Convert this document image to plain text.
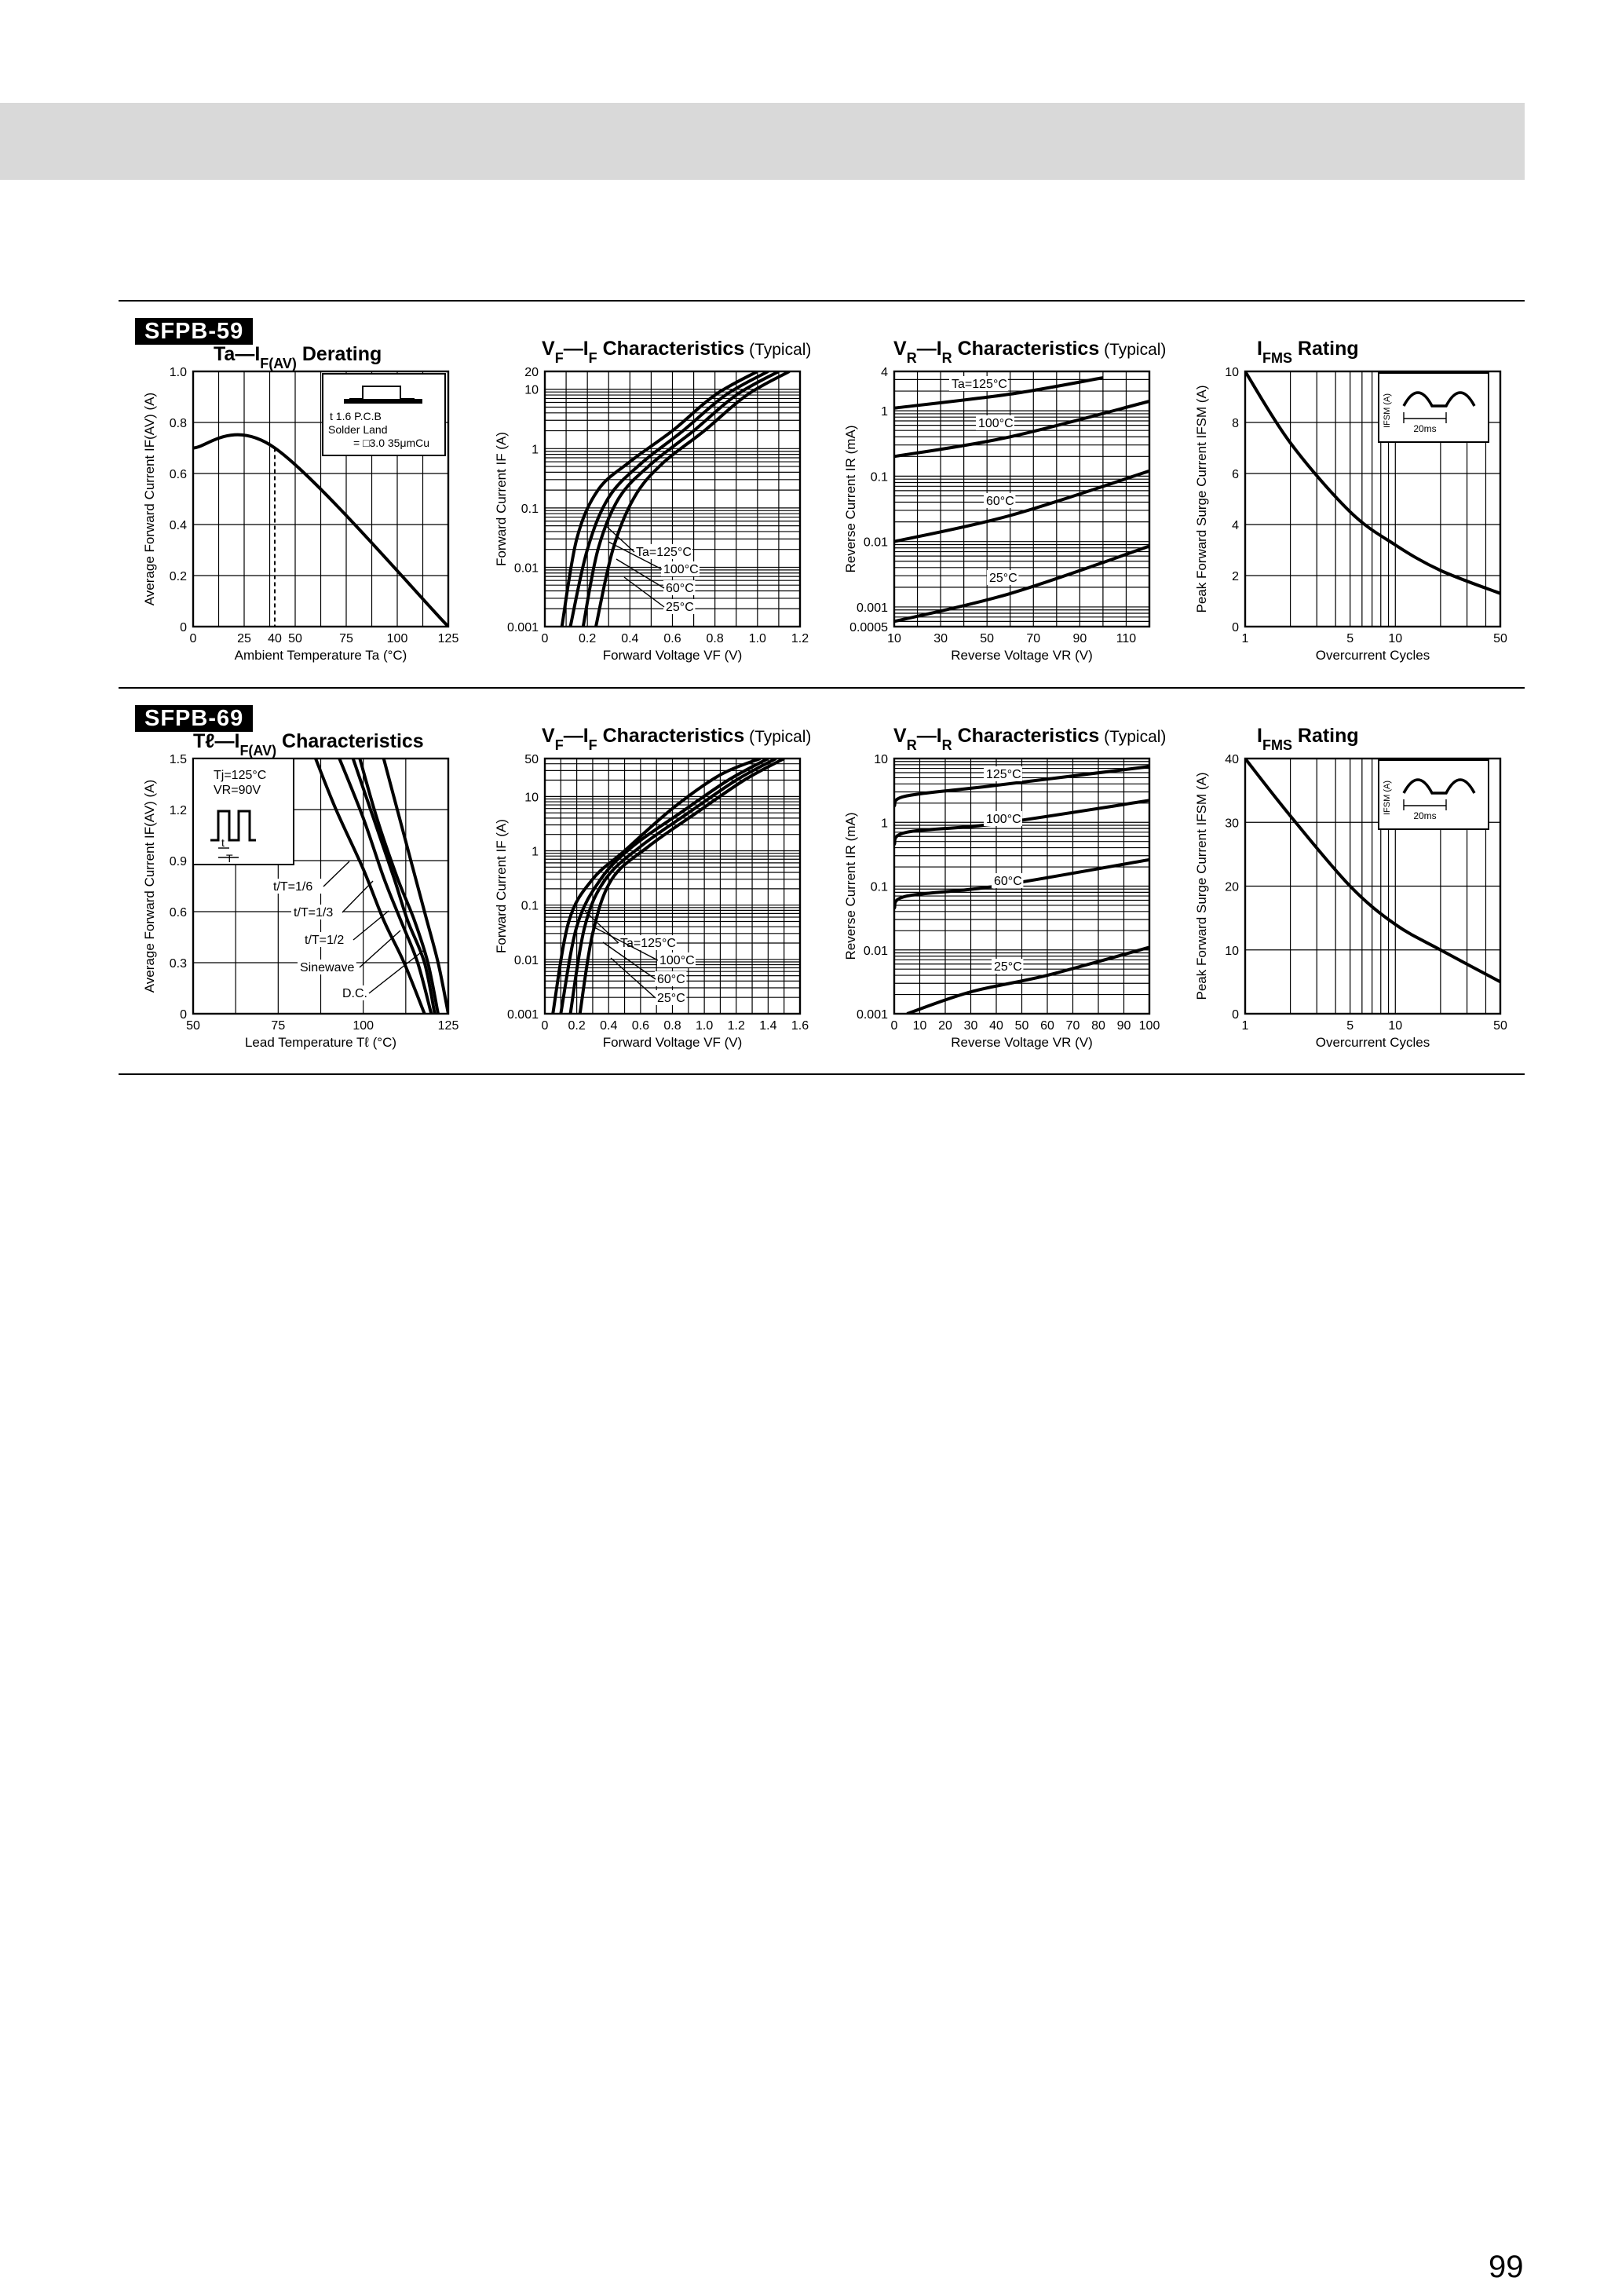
SFPB-59
SFPB-69
$Ta—I_{F(AV)}$ Derating
0	25 40 50	75	100 125
0
0.2
0.4
0.6
0.8
1.0
Ambient Temperature Ta (°C)
Average Forward Current IF(AV) (A)	t 1.6 P.C.B
Solder Land
= □3.0 35μmCu
$V_F—I_F$ Characteristics (Typical)
0 0.2 0.4 0.6 0.8 1.0 1.2
0.001
0.01
0.1
1
10
20
Forward Voltage VF (V)
Forward Current IF (A)	Ta=125°C
100°C
60°C
25°C
$V_R—I_R$ Characteristics (Typical)
10	30	50	70	90 110
0.0005
0.001
0.01
0.1
1
4
Reverse Voltage VR (V)
Reverse Current IR (mA)
Ta=125°C
100°C
60°C
25°C
$I_{FMS}$ Rating
1	5	10	50
0
2
4
6
8
10
Overcurrent Cycles
Peak Forward Surge Current IFSM (A)	IFSM (A)
20ms
$T\ell—I_{F(AV)}$ Characteristics
50	75	100	125
0
0.3
0.6
0.9
1.2
1.5
Lead Temperature Tℓ (°C)
Average Forward Current IF(AV) (A)	t/T=1/6
t/T=1/3
t/T=1/2
Sinewave
D.C.
Tj=125°C
VR=90V
t
T
$V_F—I_F$ Characteristics (Typical)
0 0.2 0.4 0.6 0.8 1.0 1.2 1.4 1.6
0.001
0.01
0.1
1
10
50
Forward Voltage VF (V)
Forward Current IF (A)	Ta=125°C
100°C
60°C
25°C
$V_R—I_R$ Characteristics (Typical)
0 10 20 30 40 50 60 70 80 90 100
0.001
0.01
0.1
1
10
Reverse Voltage VR (V)
Reverse Current IR (mA)
125°C
100°C
60°C
25°C
$I_{FMS}$ Rating
1	5	10	50
0
10
20
30
40
Overcurrent Cycles
Peak Forward Surge Current IFSM (A)	IFSM (A)
20ms
99
